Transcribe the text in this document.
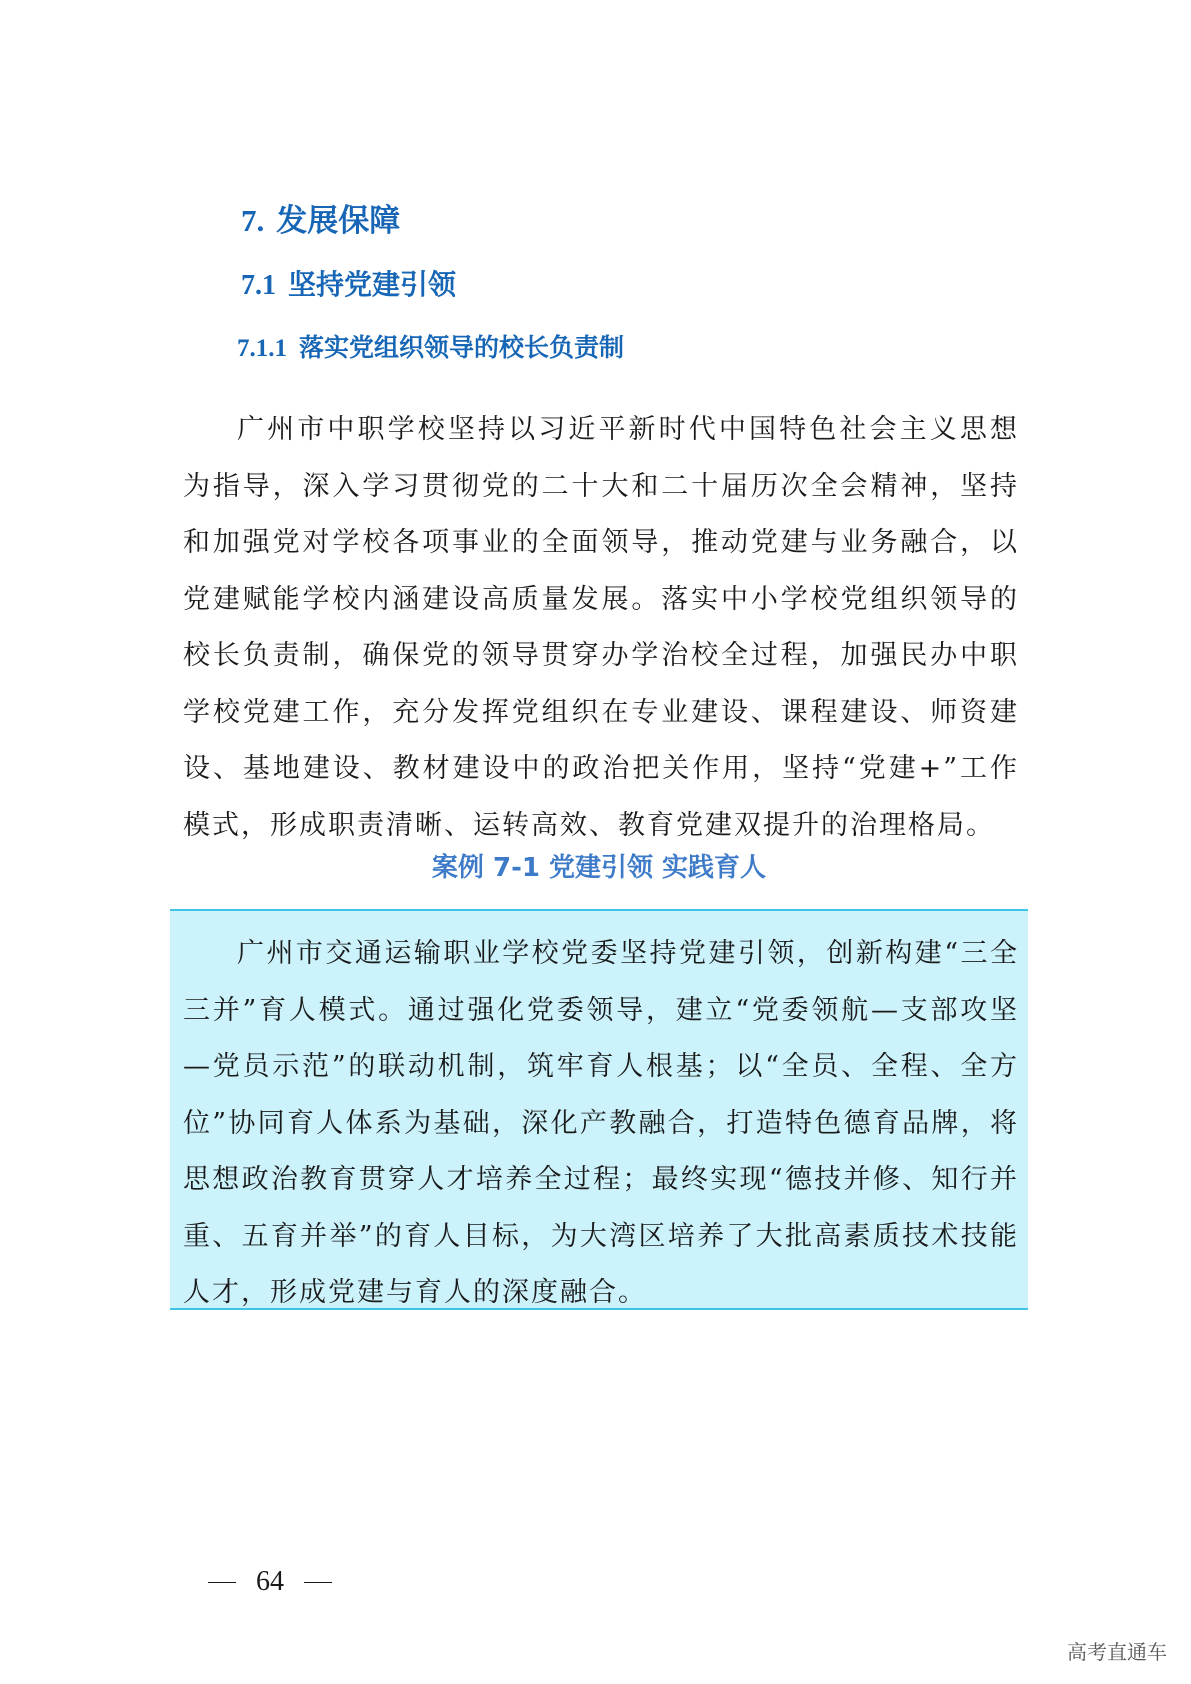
7. 发展保障
7.1 坚持党建引领
7.1.1 落实党组织领导的校长负责制

广州市中职学校坚持以习近平新时代中国特色社会主义思想为指导，深入学习贯彻党的二十大和二十届历次全会精神，坚持和加强党对学校各项事业的全面领导，推动党建与业务融合，以党建赋能学校内涵建设高质量发展。落实中小学校党组织领导的校长负责制，确保党的领导贯穿办学治校全过程，加强民办中职学校党建工作，充分发挥党组织在专业建设、课程建设、师资建设、基地建设、教材建设中的政治把关作用，坚持“党建+”工作模式，形成职责清晰、运转高效、教育党建双提升的治理格局。

案例 7-1 党建引领 实践育人

广州市交通运输职业学校党委坚持党建引领，创新构建“三全三并”育人模式。通过强化党委领导，建立“党委领航—支部攻坚—党员示范”的联动机制，筑牢育人根基；以“全员、全程、全方位”协同育人体系为基础，深化产教融合，打造特色德育品牌，将思想政治教育贯穿人才培养全过程；最终实现“德技并修、知行并重、五育并举”的育人目标，为大湾区培养了大批高素质技术技能人才，形成党建与育人的深度融合。

64
高考直通车
